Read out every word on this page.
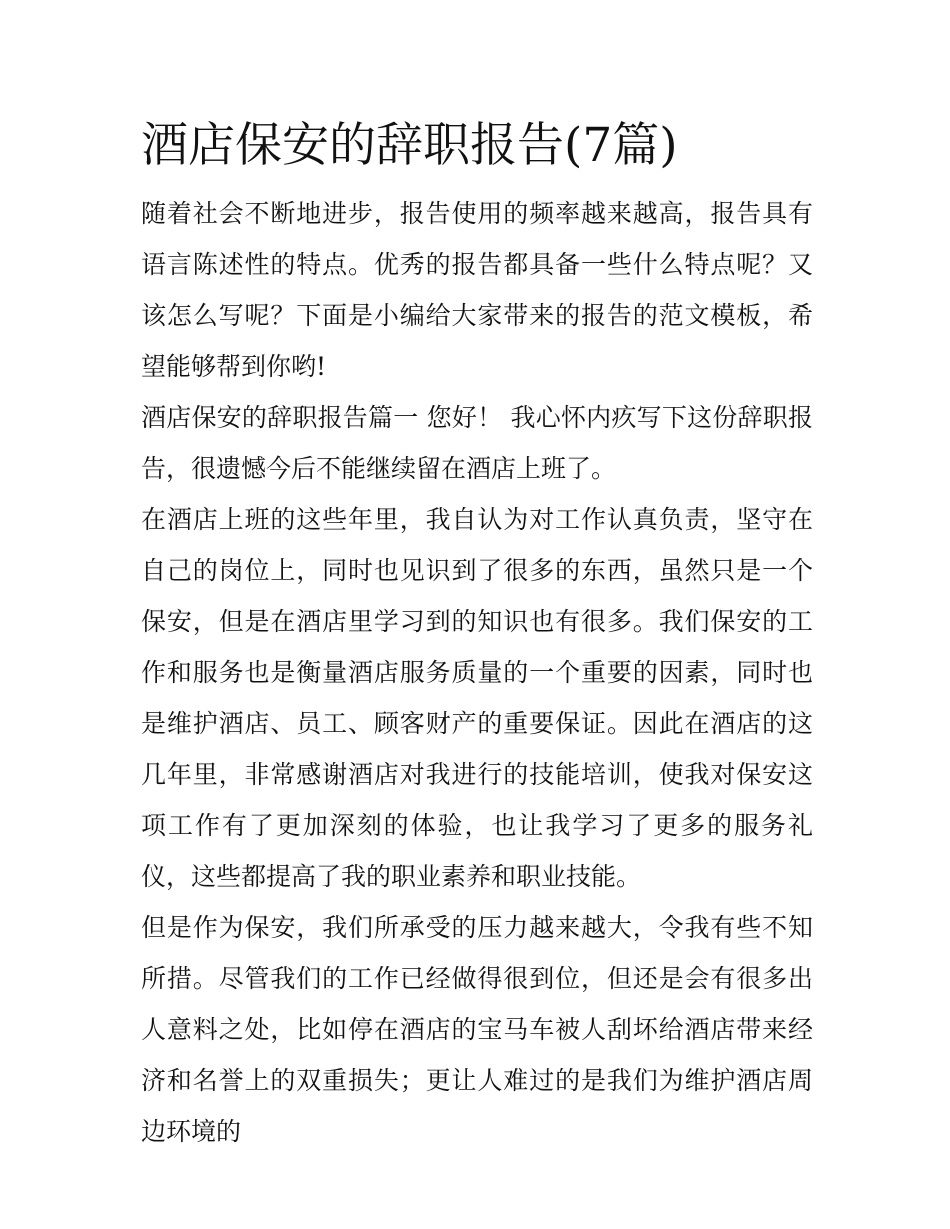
酒店保安的辞职报告(7篇)

随着社会不断地进步，报告使用的频率越来越高，报告具有语言陈述性的特点。优秀的报告都具备一些什么特点呢？又该怎么写呢？下面是小编给大家带来的报告的范文模板，希望能够帮到你哟!

酒店保安的辞职报告篇一 您好！ 我心怀内疚写下这份辞职报告，很遗憾今后不能继续留在酒店上班了。

在酒店上班的这些年里，我自认为对工作认真负责，坚守在自己的岗位上，同时也见识到了很多的东西，虽然只是一个保安，但是在酒店里学习到的知识也有很多。我们保安的工作和服务也是衡量酒店服务质量的一个重要的因素，同时也是维护酒店、员工、顾客财产的重要保证。因此在酒店的这几年里，非常感谢酒店对我进行的技能培训，使我对保安这项工作有了更加深刻的体验，也让我学习了更多的服务礼仪，这些都提高了我的职业素养和职业技能。

但是作为保安，我们所承受的压力越来越大，令我有些不知所措。尽管我们的工作已经做得很到位，但还是会有很多出人意料之处，比如停在酒店的宝马车被人刮坏给酒店带来经济和名誉上的双重损失；更让人难过的是我们为维护酒店周边环境的
